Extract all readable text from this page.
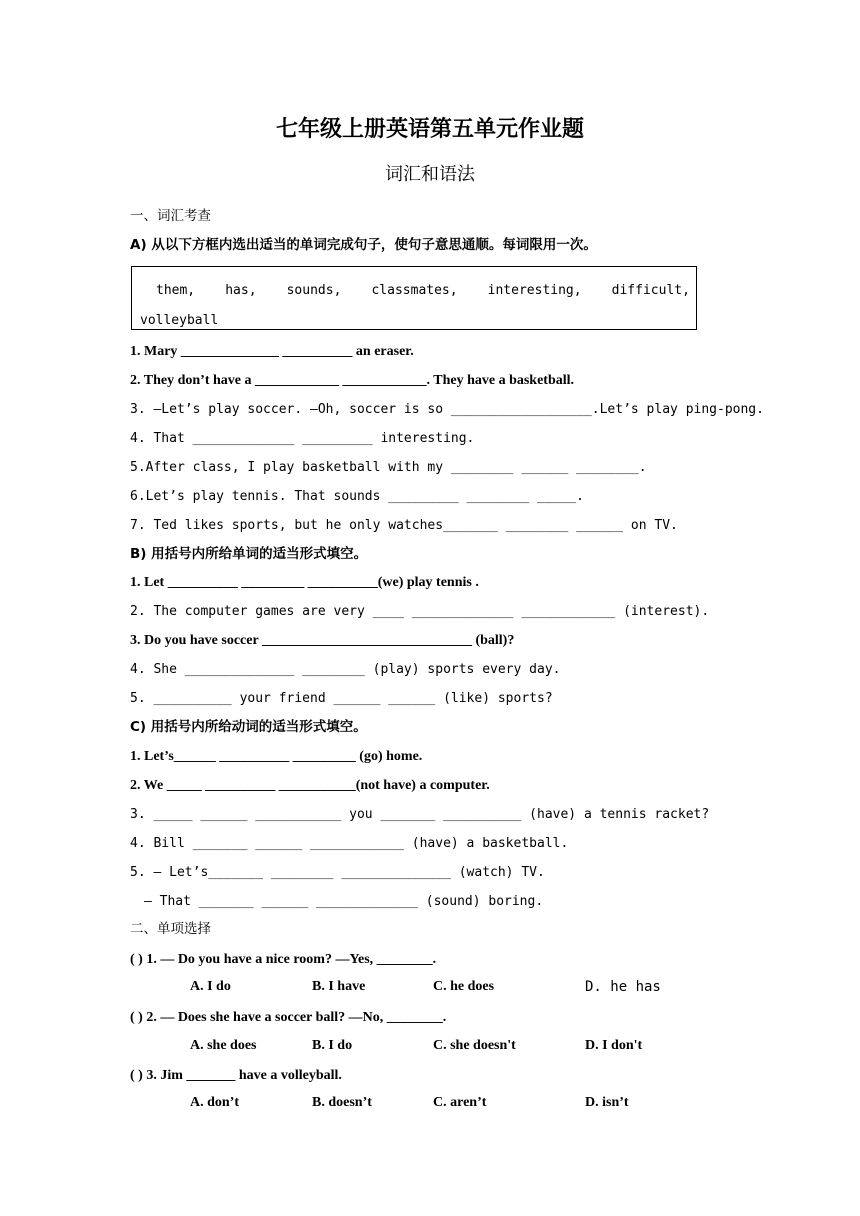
七年级上册英语第五单元作业题
词汇和语法
一、词汇考查
A) 从以下方框内选出适当的单词完成句子，使句子意思通顺。每词限用一次。
them, has, sounds, classmates, interesting, difficult,
volleyball
1. Mary ______________ __________ an eraser.
2. They don’t have a ____________ ____________. They have a basketball.
3. —Let’s play soccer. —Oh, soccer is so __________________.Let’s play ping-pong.
4. That _____________ _________ interesting.
5.After class, I play basketball with my ________ ______ ________.
6.Let’s play tennis. That sounds _________ ________ _____.
7. Ted likes sports, but he only watches_______ ________ ______ on TV.
B) 用括号内所给单词的适当形式填空。
1. Let __________ _________ __________(we) play tennis .
2. The computer games are very ____ _____________ ____________ (interest).
3. Do you have soccer ______________________________ (ball)?
4. She ______________ ________ (play) sports every day.
5. __________ your friend ______ ______ (like) sports?
C) 用括号内所给动词的适当形式填空。
1. Let’s______ __________ _________ (go) home.
2. We _____ __________ ___________(not have) a computer.
3. _____ ______ ___________ you _______ __________ (have) a tennis racket?
4. Bill _______ ______ ____________ (have) a basketball.
5. — Let’s_______ ________ ______________ (watch) TV.
— That _______ ______ _____________ (sound) boring.
二、单项选择
( ) 1. — Do you have a nice room? —Yes, ________.
A. I do	B. I have	C. he does	D. he has
( ) 2. — Does she have a soccer ball? —No, ________.
A. she does	B. I do	C. she doesn't	D. I don't
( ) 3. Jim _______ have a volleyball.
A. don’t	B. doesn’t	C. aren’t	D. isn’t
